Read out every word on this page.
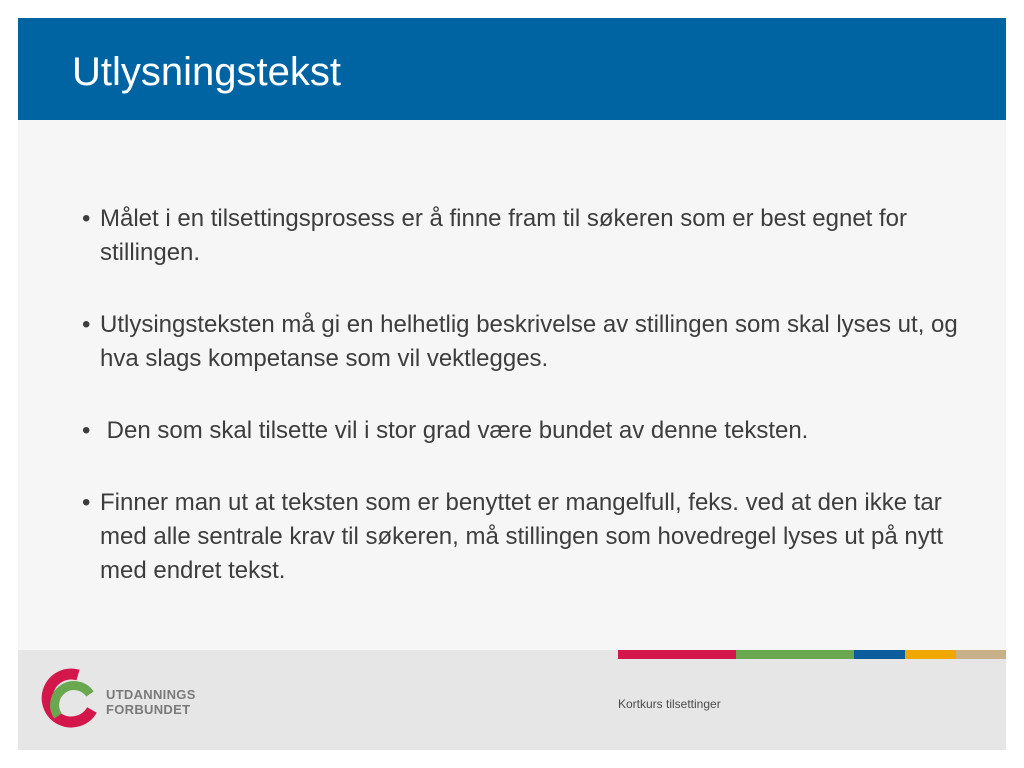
Utlysningstekst
• Målet i en tilsettingsprosess er å finne fram til søkeren som er best egnet for stillingen.
• Utlysingsteksten må gi en helhetlig beskrivelse av stillingen som skal lyses ut, og hva slags kompetanse som vil vektlegges.
• Den som skal tilsette vil i stor grad være bundet av denne teksten.
• Finner man ut at teksten som er benyttet er mangelfull, feks. ved at den ikke tar med alle sentrale krav til søkeren, må stillingen som hovedregel lyses ut på nytt med endret tekst.
UTDANNINGS
FORBUNDET	Kortkurs tilsettinger
